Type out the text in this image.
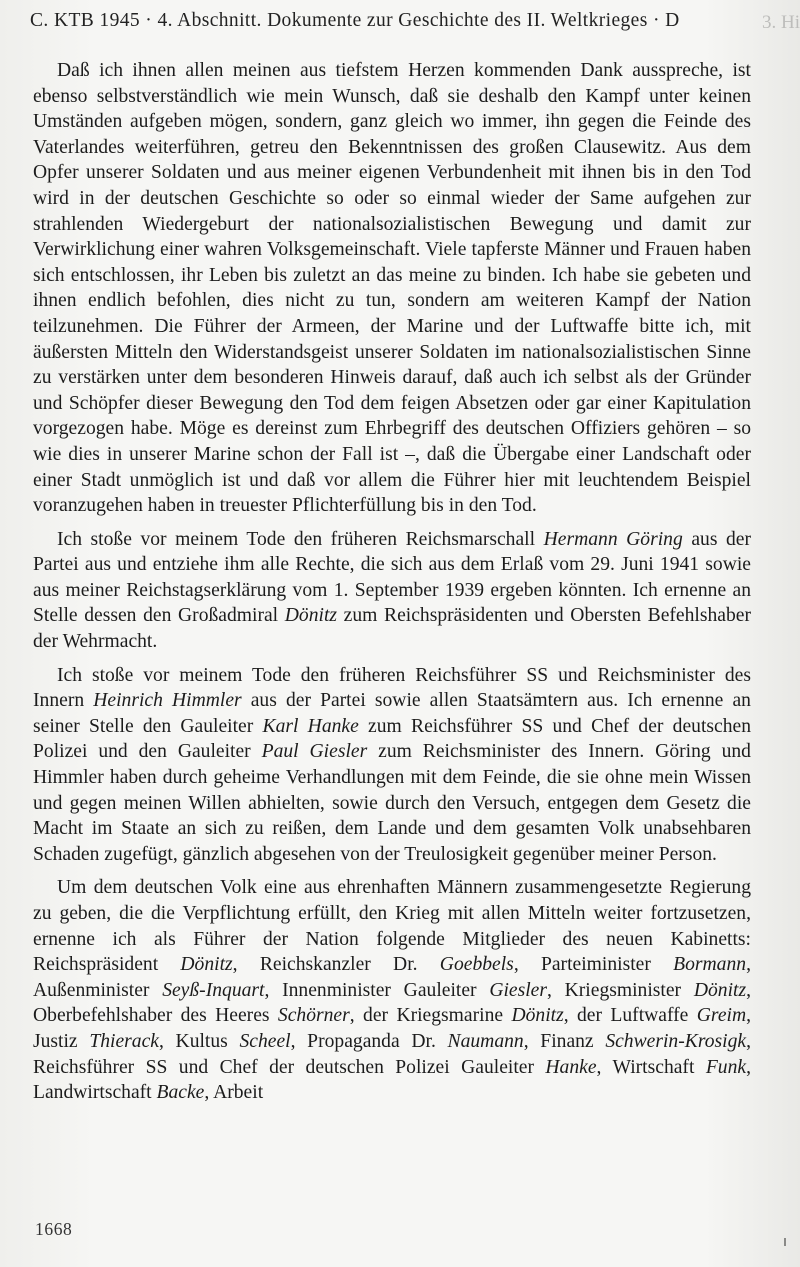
C. KTB 1945 · 4. Abschnitt. Dokumente zur Geschichte des II. Weltkrieges · D	3. Hi

Daß ich ihnen allen meinen aus tiefstem Herzen kommenden Dank ausspreche, ist ebenso selbstverständlich wie mein Wunsch, daß sie deshalb den Kampf unter keinen Umständen aufgeben mögen, sondern, ganz gleich wo immer, ihn gegen die Feinde des Vaterlandes weiterführen, getreu den Bekenntnissen des großen Clausewitz. Aus dem Opfer unserer Soldaten und aus meiner eigenen Verbundenheit mit ihnen bis in den Tod wird in der deutschen Geschichte so oder so einmal wieder der Same aufgehen zur strahlenden Wiedergeburt der nationalsozialistischen Bewegung und damit zur Verwirklichung einer wahren Volksgemeinschaft. Viele tapferste Männer und Frauen haben sich entschlossen, ihr Leben bis zuletzt an das meine zu binden. Ich habe sie gebeten und ihnen endlich befohlen, dies nicht zu tun, sondern am weiteren Kampf der Nation teilzunehmen. Die Führer der Armeen, der Marine und der Luftwaffe bitte ich, mit äußersten Mitteln den Widerstandsgeist unserer Soldaten im nationalsozialistischen Sinne zu verstärken unter dem besonderen Hinweis darauf, daß auch ich selbst als der Gründer und Schöpfer dieser Bewegung den Tod dem feigen Absetzen oder gar einer Kapitulation vorgezogen habe. Möge es dereinst zum Ehrbegriff des deutschen Offiziers gehören – so wie dies in unserer Marine schon der Fall ist –, daß die Übergabe einer Landschaft oder einer Stadt unmöglich ist und daß vor allem die Führer hier mit leuchtendem Beispiel voranzugehen haben in treuester Pflichterfüllung bis in den Tod.

Ich stoße vor meinem Tode den früheren Reichsmarschall Hermann Göring aus der Partei aus und entziehe ihm alle Rechte, die sich aus dem Erlaß vom 29. Juni 1941 sowie aus meiner Reichstagserklärung vom 1. September 1939 ergeben könnten. Ich ernenne an Stelle dessen den Großadmiral Dönitz zum Reichspräsidenten und Obersten Befehlshaber der Wehrmacht.

Ich stoße vor meinem Tode den früheren Reichsführer SS und Reichsminister des Innern Heinrich Himmler aus der Partei sowie allen Staatsämtern aus. Ich ernenne an seiner Stelle den Gauleiter Karl Hanke zum Reichsführer SS und Chef der deutschen Polizei und den Gauleiter Paul Giesler zum Reichsminister des Innern. Göring und Himmler haben durch geheime Verhandlungen mit dem Feinde, die sie ohne mein Wissen und gegen meinen Willen abhielten, sowie durch den Versuch, entgegen dem Gesetz die Macht im Staate an sich zu reißen, dem Lande und dem gesamten Volk unabsehbaren Schaden zugefügt, gänzlich abgesehen von der Treulosigkeit gegenüber meiner Person.

Um dem deutschen Volk eine aus ehrenhaften Männern zusammengesetzte Regierung zu geben, die die Verpflichtung erfüllt, den Krieg mit allen Mitteln weiter fortzusetzen, ernenne ich als Führer der Nation folgende Mitglieder des neuen Kabinetts: Reichspräsident Dönitz, Reichskanzler Dr. Goebbels, Parteiminister Bormann, Außenminister Seyß-Inquart, Innenminister Gauleiter Giesler, Kriegsminister Dönitz, Oberbefehlshaber des Heeres Schörner, der Kriegsmarine Dönitz, der Luftwaffe Greim, Justiz Thierack, Kultus Scheel, Propaganda Dr. Naumann, Finanz Schwerin-Krosigk, Reichsführer SS und Chef der deutschen Polizei Gauleiter Hanke, Wirtschaft Funk, Landwirtschaft Backe, Arbeit

1668
